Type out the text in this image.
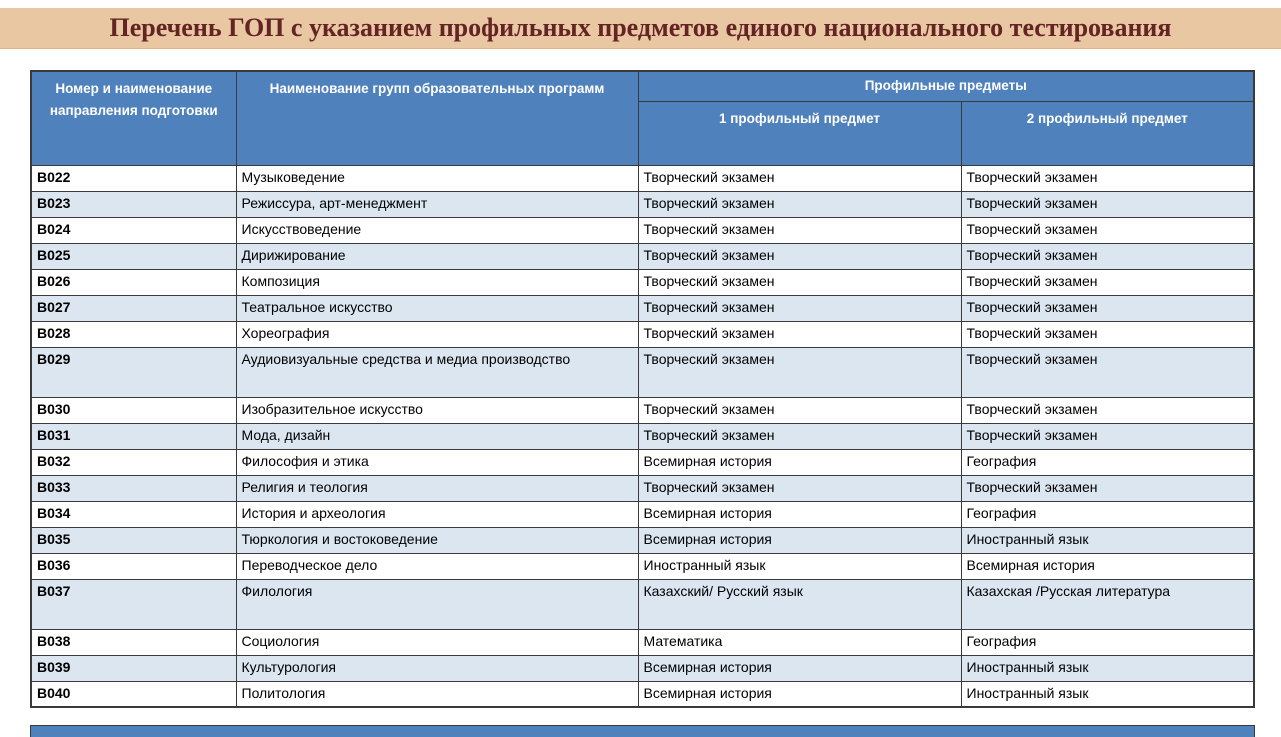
Перечень ГОП с указанием профильных предметов единого национального тестирования
Номер и наименование направления подготовки	Наименование групп образовательных программ	Профильные предметы	
		1 профильный предмет	2 профильный предмет
B022	Музыковедение	Творческий экзамен	Творческий экзамен
B023	Режиссура, арт-менеджмент	Творческий экзамен	Творческий экзамен
B024	Искусствоведение	Творческий экзамен	Творческий экзамен
B025	Дирижирование	Творческий экзамен	Творческий экзамен
B026	Композиция	Творческий экзамен	Творческий экзамен
B027	Театральное искусство	Творческий экзамен	Творческий экзамен
B028	Хореография	Творческий экзамен	Творческий экзамен
B029	Аудиовизуальные средства и медиа производство	Творческий экзамен	Творческий экзамен
B030	Изобразительное искусство	Творческий экзамен	Творческий экзамен
B031	Мода, дизайн	Творческий экзамен	Творческий экзамен
B032	Философия и этика	Всемирная история	География
B033	Религия и теология	Творческий экзамен	Творческий экзамен
B034	История и археология	Всемирная история	География
B035	Тюркология и востоковедение	Всемирная история	Иностранный язык
B036	Переводческое дело	Иностранный язык	Всемирная история
B037	Филология	Казахский/ Русский язык	Казахская /Русская литература
B038	Социология	Математика	География
B039	Культурология	Всемирная история	Иностранный язык
B040	Политология	Всемирная история	Иностранный язык
